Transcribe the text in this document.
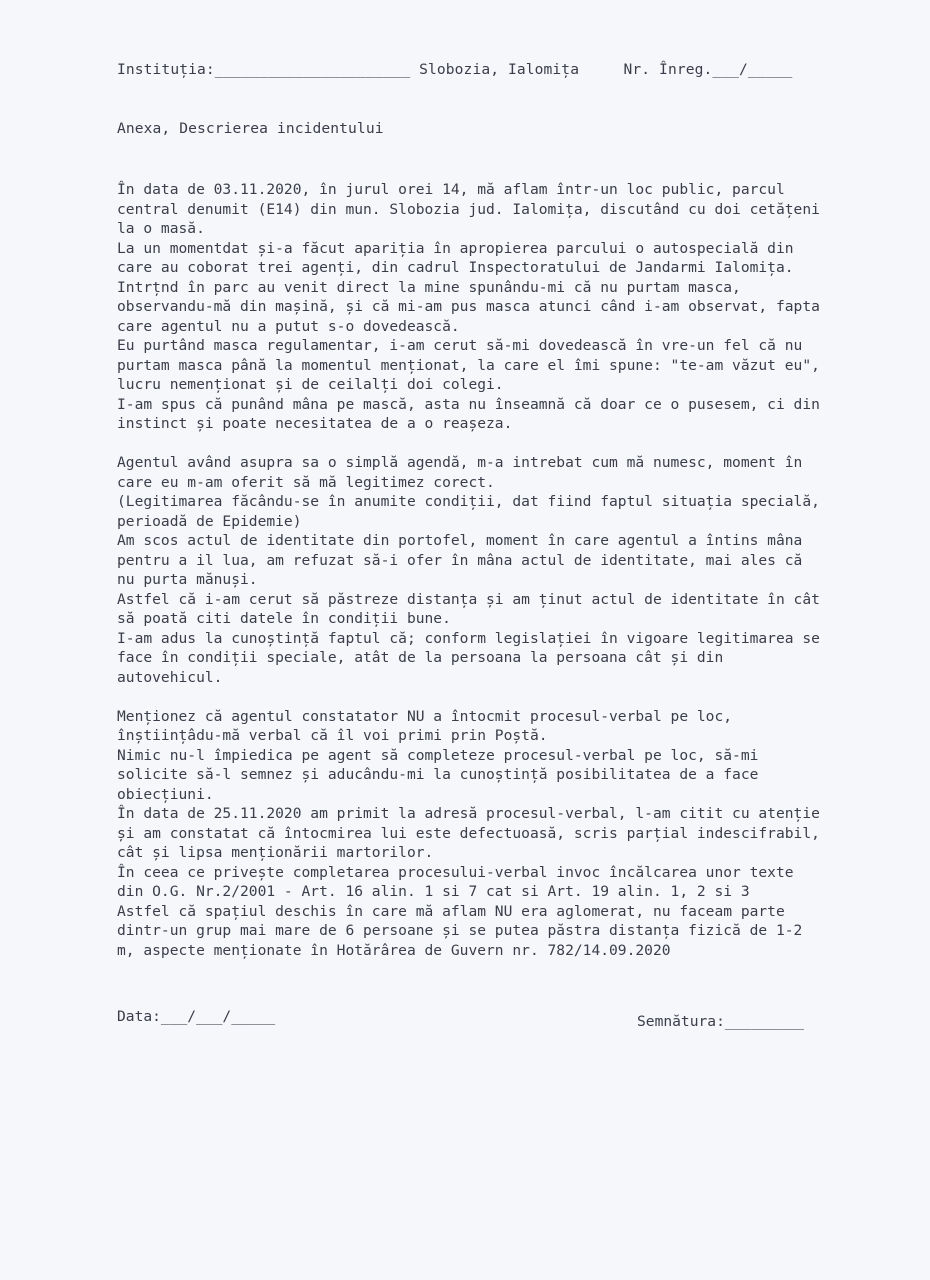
Instituția:______________________ Slobozia, Ialomița     Nr. Înreg.___/_____
Anexa, Descrierea incidentului

În data de 03.11.2020, în jurul orei 14, mă aflam într-un loc public, parcul

central denumit (E14) din mun. Slobozia jud. Ialomița, discutând cu doi cetățeni

la o masă.

La un momentdat și-a făcut apariția în apropierea parcului o autospecială din

care au coborat trei agenți, din cadrul Inspectoratului de Jandarmi Ialomița.

Intrțnd în parc au venit direct la mine spunându-mi că nu purtam masca,

observandu-mă din mașină, și că mi-am pus masca atunci când i-am observat, fapta

care agentul nu a putut s-o dovedească.

Eu purtând masca regulamentar, i-am cerut să-mi dovedească în vre-un fel că nu

purtam masca până la momentul menționat, la care el îmi spune: "te-am văzut eu",

lucru nemenționat și de ceilalți doi colegi.

I-am spus că punând mâna pe mască, asta nu înseamnă că doar ce o pusesem, ci din

instinct și poate necesitatea de a o reașeza.

Agentul având asupra sa o simplă agendă, m-a intrebat cum mă numesc, moment în

care eu m-am oferit să mă legitimez corect.

(Legitimarea făcându-se în anumite condiții, dat fiind faptul situația specială,

perioadă de Epidemie)

Am scos actul de identitate din portofel, moment în care agentul a întins mâna

pentru a il lua, am refuzat să-i ofer în mâna actul de identitate, mai ales că

nu purta mănuși.

Astfel că i-am cerut să păstreze distanța și am ținut actul de identitate în cât

să poată citi datele în condiții bune.

I-am adus la cunoștință faptul că; conform legislației în vigoare legitimarea se

face în condiții speciale, atât de la persoana la persoana cât și din

autovehicul.

Menționez că agentul constatator NU a întocmit procesul-verbal pe loc,

înștiințâdu-mă verbal că îl voi primi prin Poștă.

Nimic nu-l împiedica pe agent să completeze procesul-verbal pe loc, să-mi

solicite să-l semnez și aducându-mi la cunoștință posibilitatea de a face

obiecțiuni.

În data de 25.11.2020 am primit la adresă procesul-verbal, l-am citit cu atenție

și am constatat că întocmirea lui este defectuoasă, scris parțial indescifrabil,

cât și lipsa menționării martorilor.

În ceea ce privește completarea procesului-verbal invoc încălcarea unor texte

din O.G. Nr.2/2001 - Art. 16 alin. 1 si 7 cat si Art. 19 alin. 1, 2 si 3

Astfel că spațiul deschis în care mă aflam NU era aglomerat, nu faceam parte

dintr-un grup mai mare de 6 persoane și se putea păstra distanța fizică de 1-2

m, aspecte menționate în Hotărârea de Guvern nr. 782/14.09.2020

Data:___/___/_____	Semnătura:_________
